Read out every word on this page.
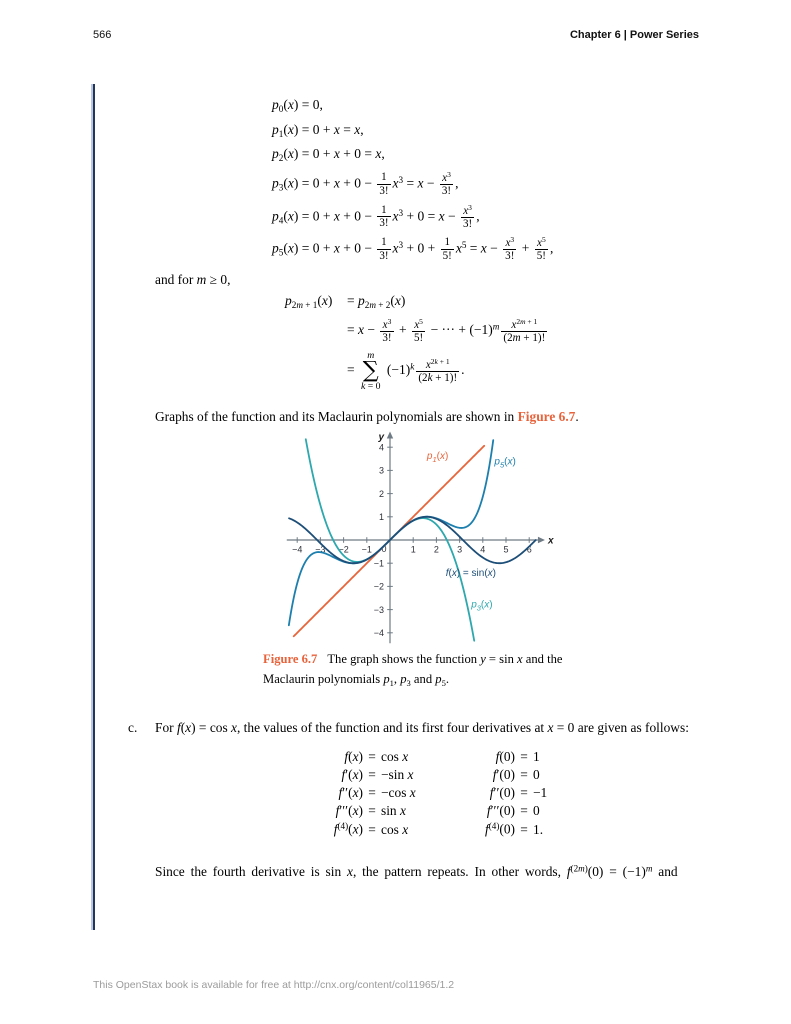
566	Chapter 6 | Power Series
$p_0(x) = 0$,
$p_1(x) = 0 + x = x$,
$p_2(x) = 0 + x + 0 = x$,
$p_3(x) = 0 + x + 0 - \frac{1}{3!} x^3 = x - \frac{x^3}{3!}$ ,
$p_4(x) = 0 + x + 0 - \frac{1}{3!} x^3 + 0 = x - \frac{x^3}{3!}$ ,
$p_5(x) = 0 + x + 0 - \frac{1}{3!} x^3 + 0 + \frac{1}{5!} x^5 = x - \frac{x^3}{3!} + \frac{x^5}{5!}$ ,
and for m ≥ 0,
$p_{2m + 1}(x) = p_{2m + 2}(x)$
= $x - \frac{x^3}{3!} + \frac{x^5}{5!}$ − ··· + $(-1)^m \frac{x^{2m + 1}}{(2m + 1)!}$
=
m
∑
k = 0
$(-1)^k \frac{x^{2k + 1}}{(2k + 1)!}$ .
Graphs of the function and its Maclaurin polynomials are shown in Figure 6.7.
−4 −3 −2 −1 0	1 2 3 4 5 6
−4
−3
−2
−1
1
2
3
4
x
y
$p_3(x)$
$p_1(x)$
$p_5(x)$
f(x) = sin(x)
Figure 6.7 The graph shows the function y = sin x and the Maclaurin polynomials $p_1$, $p_3$ and $p_5$.
c.	For f(x) = cos x, the values of the function and its first four derivatives at x = 0 are given as follows:
f(x) = cos x	f(0) = 1
f′(x) = −sin x	f′(0) = 0
f′′(x) = −cos x	f′′(0) = −1
f′′′(x) = sin x	f′′′(0) = 0
$f^{(4)}(x) = \cos x$	$f^{(4)}(0) = 1$.
Since the fourth derivative is sin x, the pattern repeats. In other words, $f^{(2m)}(0) = (-1)^m$ and
This OpenStax book is available for free at http://cnx.org/content/col11965/1.2
